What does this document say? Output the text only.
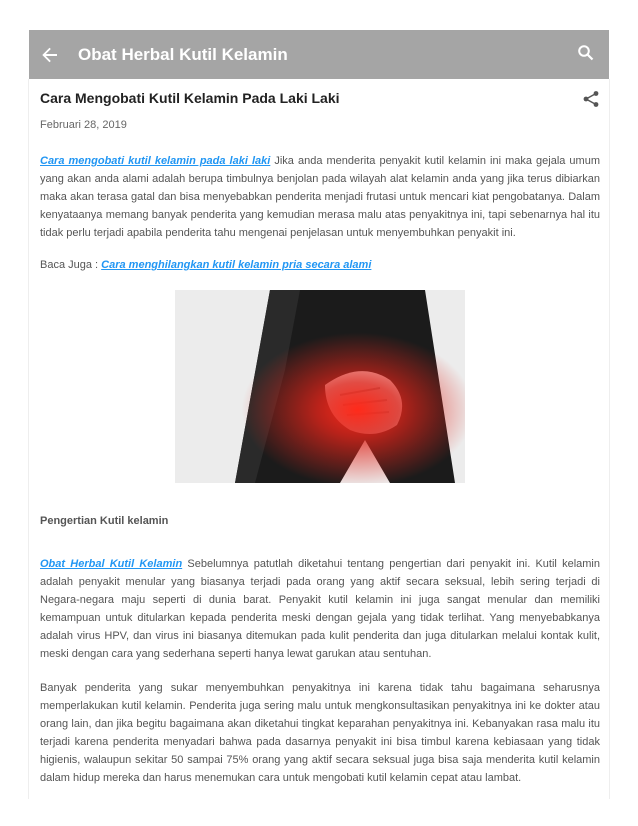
Obat Herbal Kutil Kelamin
Cara Mengobati Kutil Kelamin Pada Laki Laki
Februari 28, 2019

Cara mengobati kutil kelamin pada laki laki Jika anda menderita penyakit kutil kelamin ini maka gejala umum yang akan anda alami adalah berupa timbulnya benjolan pada wilayah alat kelamin anda yang jika terus dibiarkan maka akan terasa gatal dan bisa menyebabkan penderita menjadi frutasi untuk mencari kiat pengobatanya. Dalam kenyataanya memang banyak penderita yang kemudian merasa malu atas penyakitnya ini, tapi sebenarnya hal itu tidak perlu terjadi apabila penderita tahu mengenai penjelasan untuk menyembuhkan penyakit ini.

Baca Juga : Cara menghilangkan kutil kelamin pria secara alami

Pengertian Kutil kelamin

Obat Herbal Kutil Kelamin Sebelumnya patutlah diketahui tentang pengertian dari penyakit ini. Kutil kelamin adalah penyakit menular yang biasanya terjadi pada orang yang aktif secara seksual, lebih sering terjadi di Negara-negara maju seperti di dunia barat. Penyakit kutil kelamin ini juga sangat menular dan memiliki kemampuan untuk ditularkan kepada penderita meski dengan gejala yang tidak terlihat. Yang menyebabkanya adalah virus HPV, dan virus ini biasanya ditemukan pada kulit penderita dan juga ditularkan melalui kontak kulit, meski dengan cara yang sederhana seperti hanya lewat garukan atau sentuhan.

Banyak penderita yang sukar menyembuhkan penyakitnya ini karena tidak tahu bagaimana seharusnya memperlakukan kutil kelamin. Penderita juga sering malu untuk mengkonsultasikan penyakitnya ini ke dokter atau orang lain, dan jika begitu bagaimana akan diketahui tingkat keparahan penyakitnya ini. Kebanyakan rasa malu itu terjadi karena penderita menyadari bahwa pada dasarnya penyakit ini bisa timbul karena kebiasaan yang tidak higienis, walaupun sekitar 50 sampai 75% orang yang aktif secara seksual juga bisa saja menderita kutil kelamin dalam hidup mereka dan harus menemukan cara untuk mengobati kutil kelamin cepat atau lambat.
